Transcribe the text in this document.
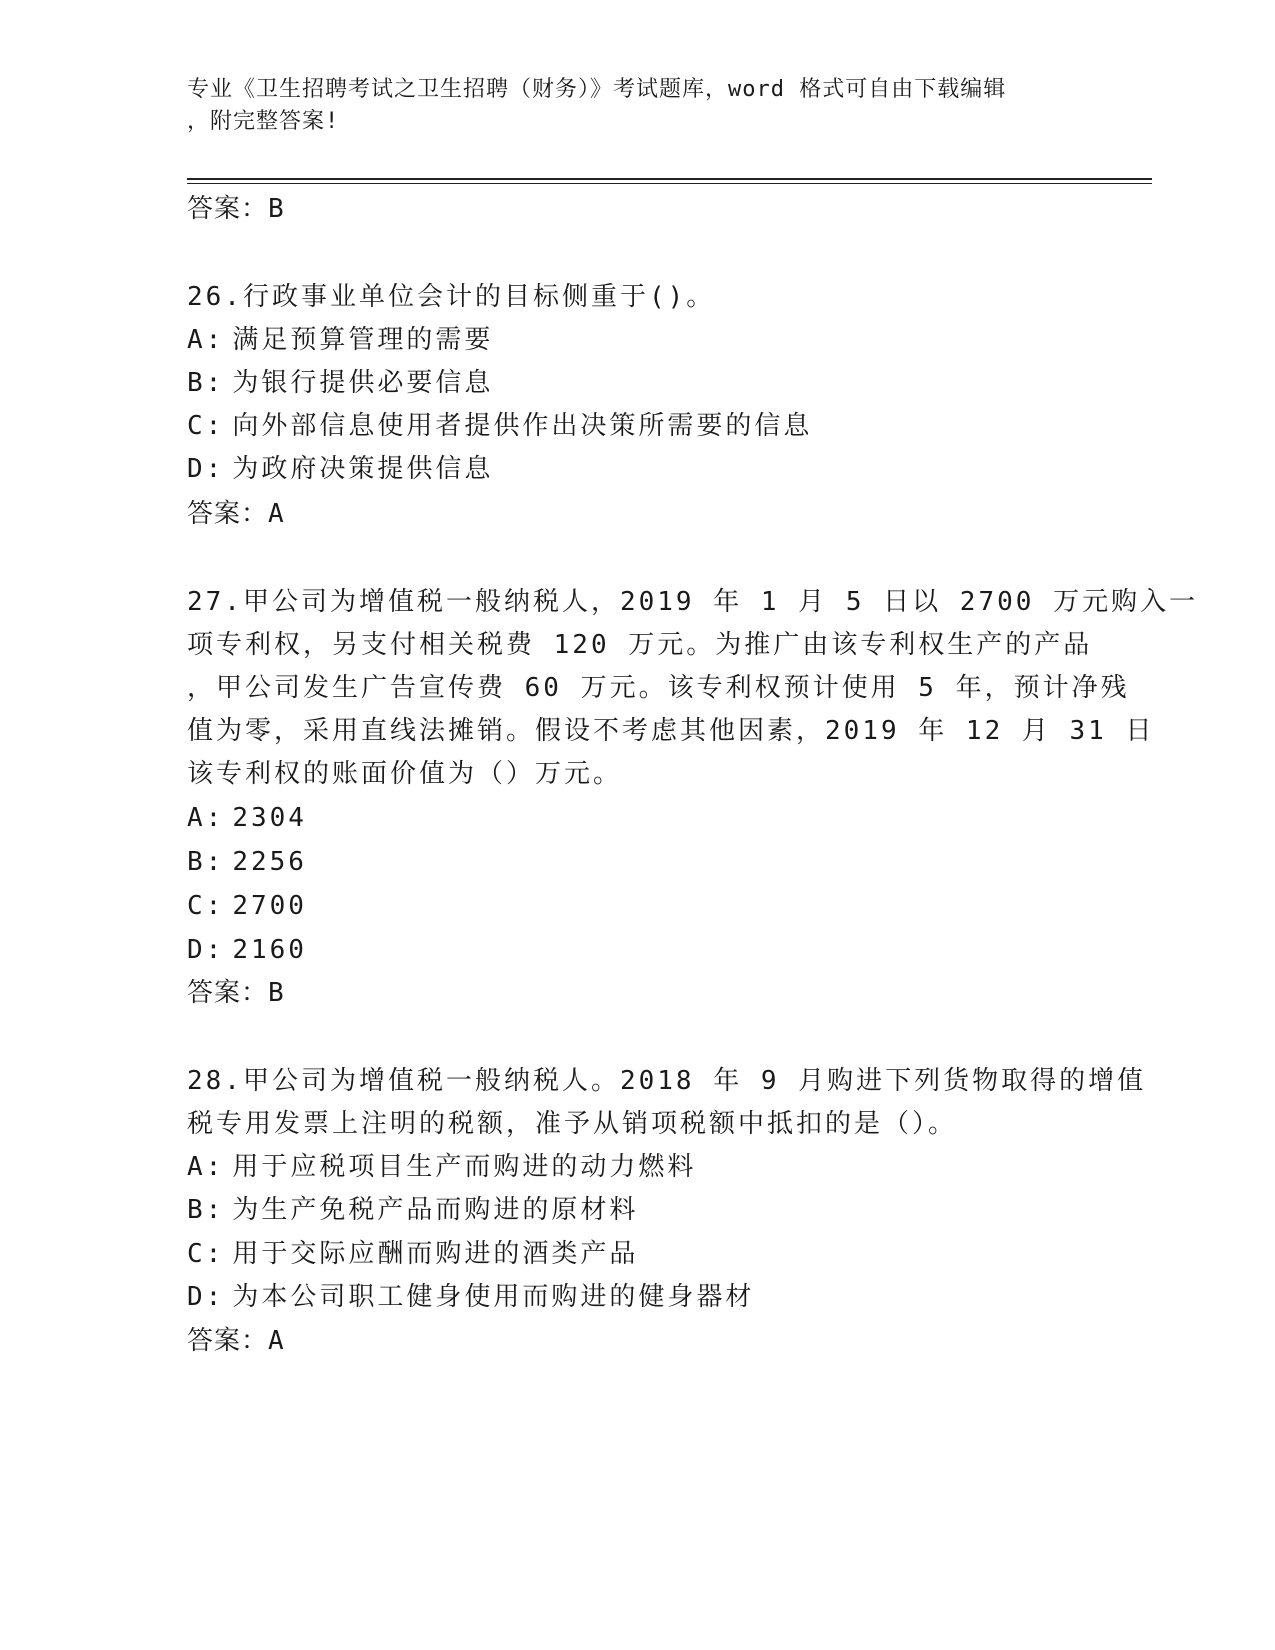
专业《卫生招聘考试之卫生招聘（财务）》考试题库，word 格式可自由下载编辑
，附完整答案!
答案：B
26.行政事业单位会计的目标侧重于()。
A: 满足预算管理的需要
B: 为银行提供必要信息
C: 向外部信息使用者提供作出决策所需要的信息
D: 为政府决策提供信息
答案：A
27.甲公司为增值税一般纳税人，2019 年 1 月 5 日以 2700 万元购入一
项专利权，另支付相关税费 120 万元。为推广由该专利权生产的产品
，甲公司发生广告宣传费 60 万元。该专利权预计使用 5 年，预计净残
值为零，采用直线法摊销。假设不考虑其他因素，2019 年 12 月 31 日
该专利权的账面价值为（）万元。
A: 2304
B: 2256
C: 2700
D: 2160
答案：B
28.甲公司为增值税一般纳税人。2018 年 9 月购进下列货物取得的增值
税专用发票上注明的税额，准予从销项税额中抵扣的是（）。
A: 用于应税项目生产而购进的动力燃料
B: 为生产免税产品而购进的原材料
C: 用于交际应酬而购进的酒类产品
D: 为本公司职工健身使用而购进的健身器材
答案：A
